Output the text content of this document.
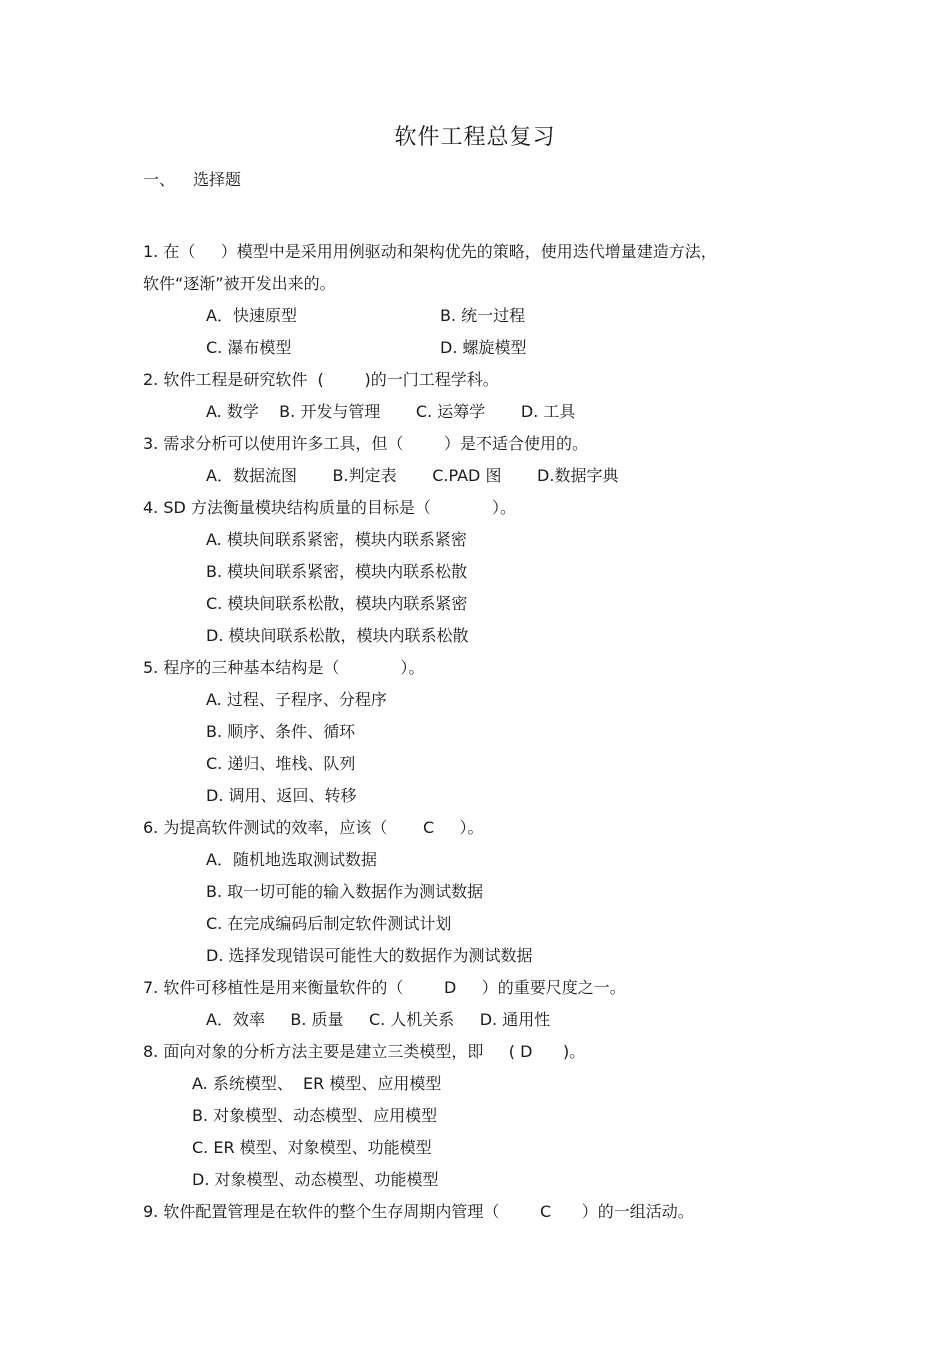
软件工程总复习
一、 选择题
1. 在（     ）模型中是采用用例驱动和架构优先的策略，使用迭代增量建造方法，
软件“逐渐”被开发出来的。
A．快速原型	B. 统一过程
C. 瀑布模型	D. 螺旋模型
2. 软件工程是研究软件  (        )的一门工程学科。
A. 数学    B. 开发与管理       C. 运筹学       D. 工具
3. 需求分析可以使用许多工具，但（        ）是不适合使用的。
A．数据流图       B.判定表       C.PAD 图       D.数据字典
4. SD 方法衡量模块结构质量的目标是（            ）。
A. 模块间联系紧密，模块内联系紧密
B. 模块间联系紧密，模块内联系松散
C. 模块间联系松散，模块内联系紧密
D. 模块间联系松散，模块内联系松散
5. 程序的三种基本结构是（            ）。
A. 过程、子程序、分程序
B. 顺序、条件、循环
C. 递归、堆栈、队列
D. 调用、返回、转移
6. 为提高软件测试的效率，应该（       C     ）。
A．随机地选取测试数据
B. 取一切可能的输入数据作为测试数据
C. 在完成编码后制定软件测试计划
D. 选择发现错误可能性大的数据作为测试数据
7. 软件可移植性是用来衡量软件的（        D     ）的重要尺度之一。
A．效率     B. 质量     C. 人机关系     D. 通用性
8. 面向对象的分析方法主要是建立三类模型，即     ( D      )。
A. 系统模型、  ER 模型、应用模型
B. 对象模型、动态模型、应用模型
C. ER 模型、对象模型、功能模型
D. 对象模型、动态模型、功能模型
9. 软件配置管理是在软件的整个生存周期内管理（        C      ）的一组活动。
